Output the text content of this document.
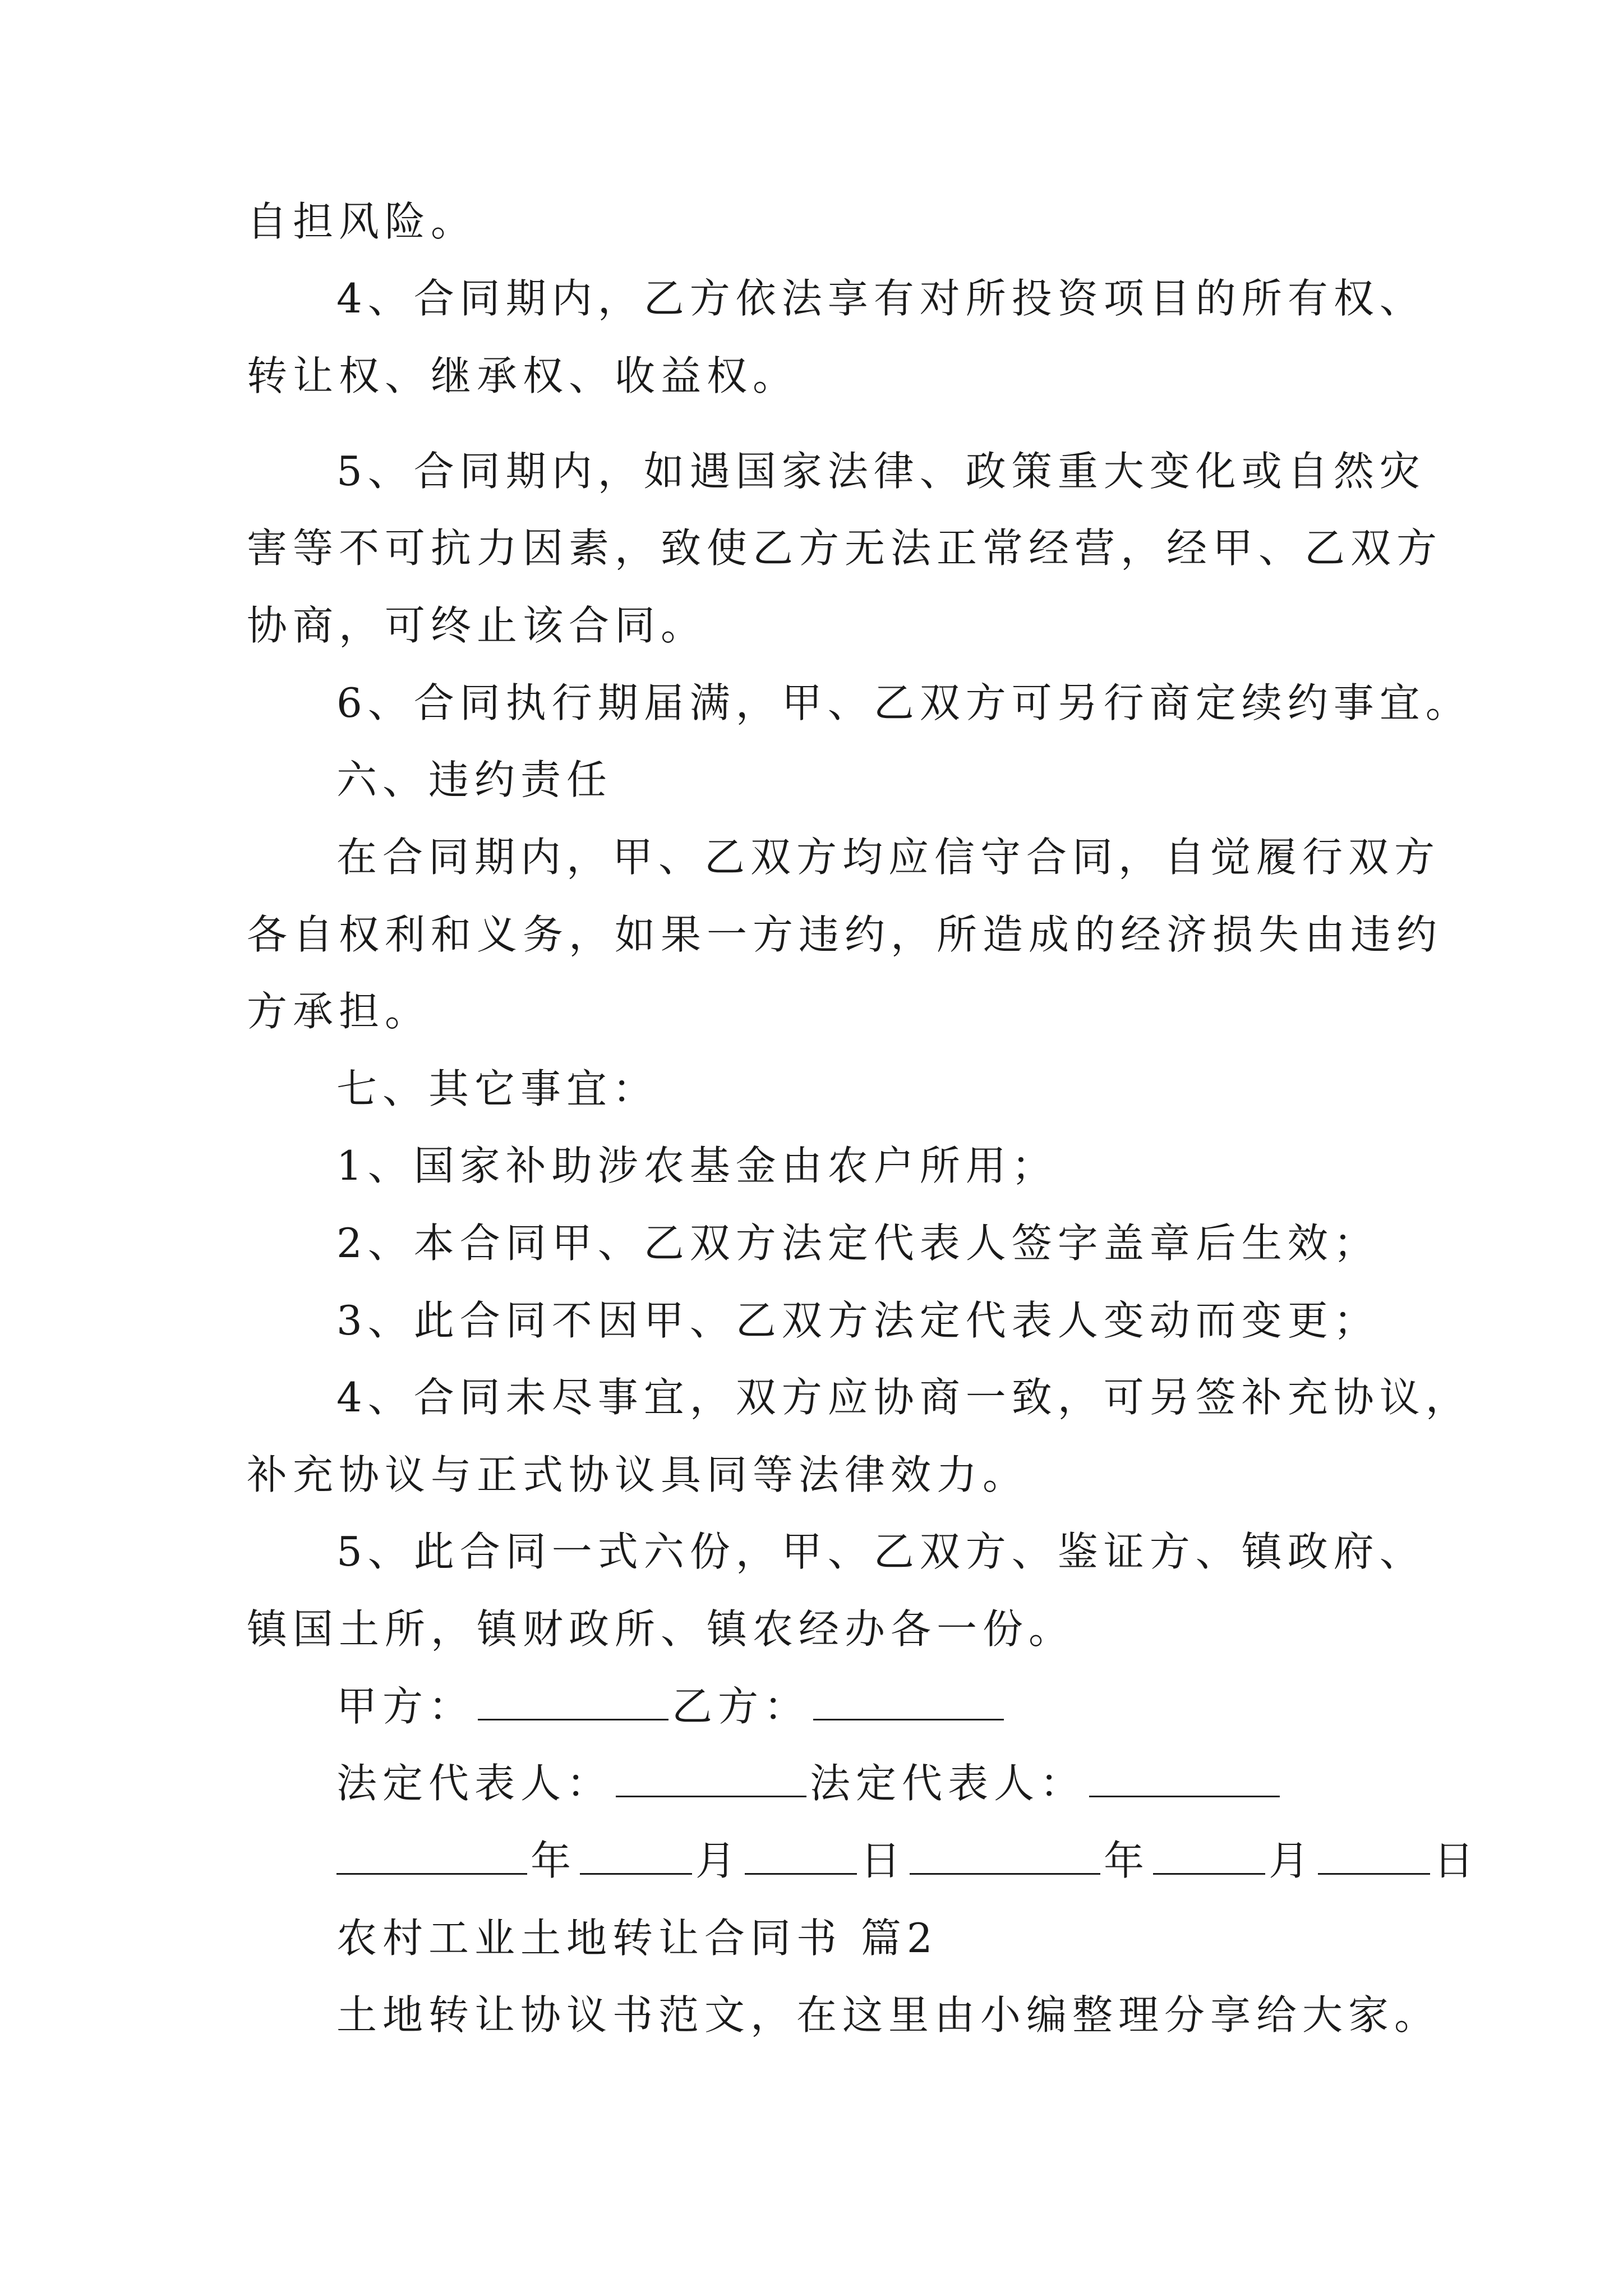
自担风险。
4、合同期内，乙方依法享有对所投资项目的所有权、
转让权、继承权、收益权。
5、合同期内，如遇国家法律、政策重大变化或自然灾
害等不可抗力因素，致使乙方无法正常经营，经甲、乙双方
协商，可终止该合同。
6、合同执行期届满，甲、乙双方可另行商定续约事宜。
六、违约责任
在合同期内，甲、乙双方均应信守合同，自觉履行双方
各自权利和义务，如果一方违约，所造成的经济损失由违约
方承担。
七、其它事宜：
1、国家补助涉农基金由农户所用；
2、本合同甲、乙双方法定代表人签字盖章后生效；
3、此合同不因甲、乙双方法定代表人变动而变更；
4、合同未尽事宜，双方应协商一致，可另签补充协议，
补充协议与正式协议具同等法律效力。
5、此合同一式六份，甲、乙双方、鉴证方、镇政府、
镇国土所，镇财政所、镇农经办各一份。
甲方：	乙方：
法定代表人：	法定代表人：
年	月	日	年	月	日
农村工业土地转让合同书 篇2
土地转让协议书范文，在这里由小编整理分享给大家。
